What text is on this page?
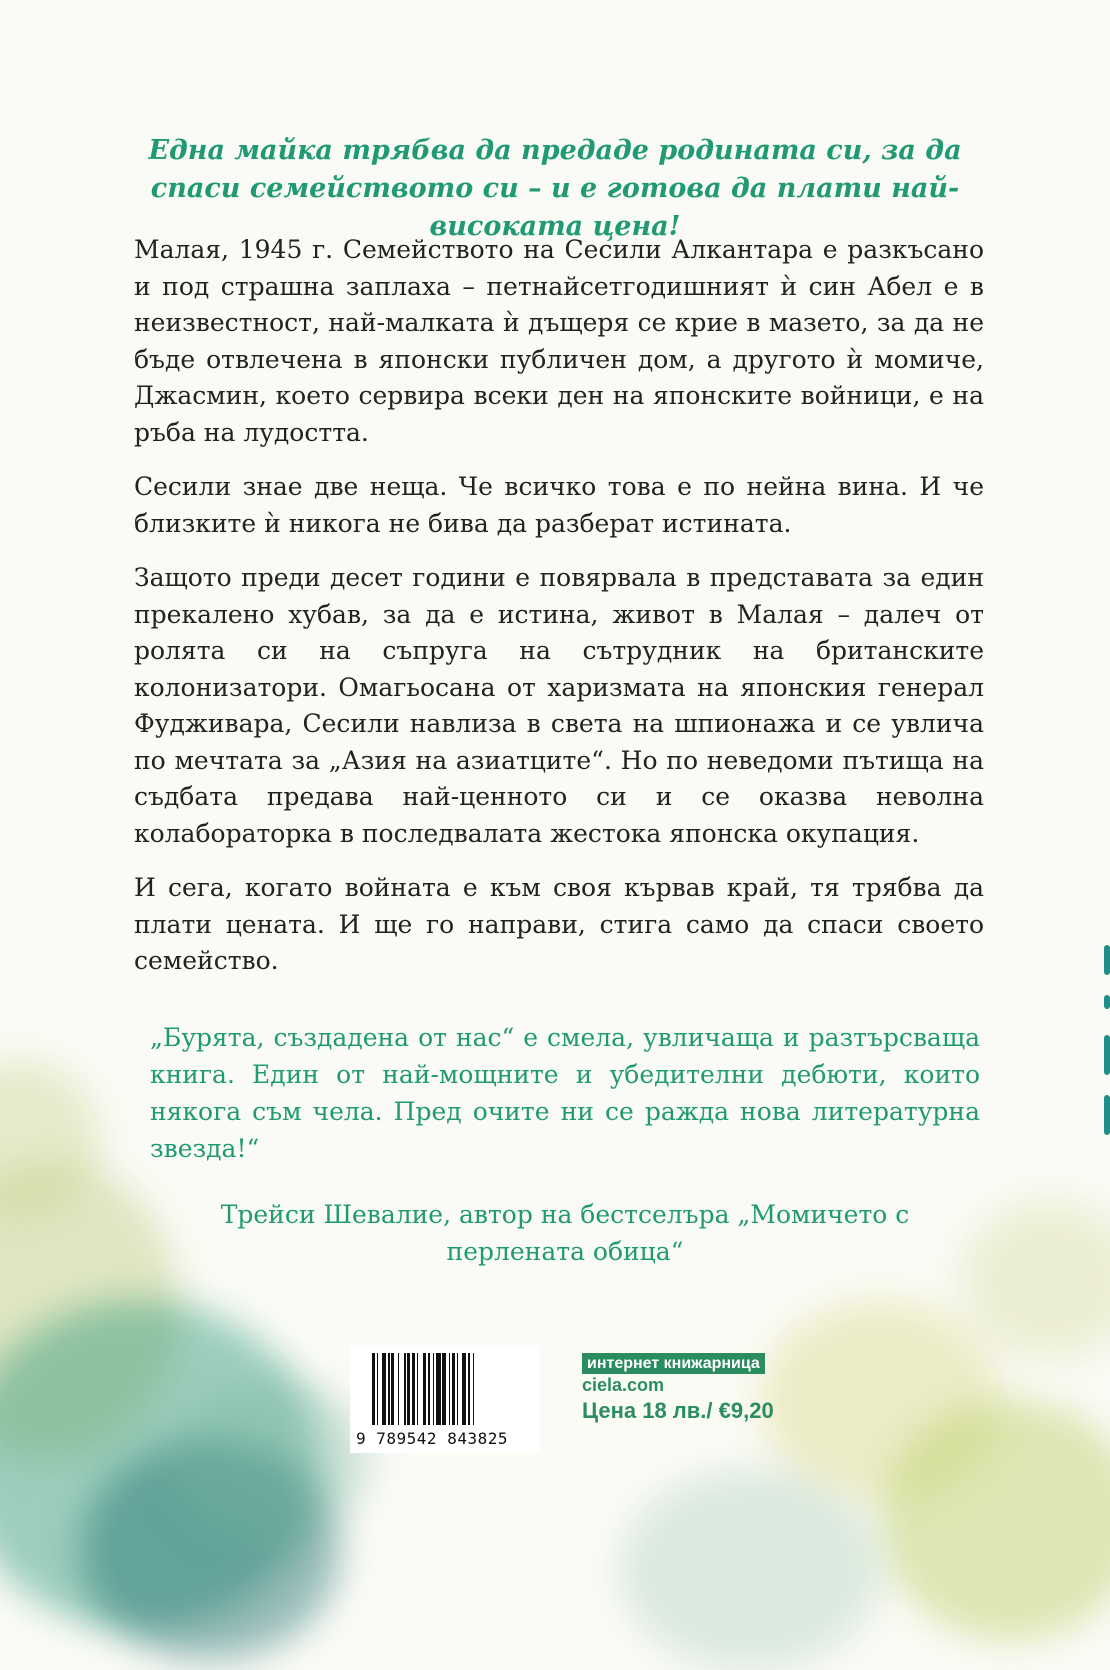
Една майка трябва да предаде родината си, за да спаси семейството си – и е готова да плати най-високата цена!

Малая, 1945 г. Семейството на Сесили Алкантара е разкъсано и под страшна заплаха – петнайсетгодишният ѝ син Абел е в неизвестност, най-малката ѝ дъщеря се крие в мазето, за да не бъде отвлечена в японски публичен дом, а другото ѝ момиче, Джасмин, което сервира всеки ден на японските войници, е на ръба на лудостта.

Сесили знае две неща. Че всичко това е по нейна вина. И че близките ѝ никога не бива да разберат истината.

Защото преди десет години е повярвала в представата за един прекалено хубав, за да е истина, живот в Малая – далеч от ролята си на съпруга на сътрудник на британските колонизатори. Омагьосана от харизмата на японския генерал Фудживара, Сесили навлиза в света на шпионажа и се увлича по мечтата за „Азия на азиатците“. Но по неведоми пътища на съдбата предава най-ценното си и се оказва неволна колабораторка в последвалата жестока японска окупация.

И сега, когато войната е към своя кървав край, тя трябва да плати цената. И ще го направи, стига само да спаси своето семейство.

„Бурята, създадена от нас“ е смела, увличаща и разтърсваща книга. Един от най-мощните и убедителни дебюти, които някога съм чела. Пред очите ни се ражда нова литературна звезда!“

Трейси Шевалие, автор на бестселъра „Момичето с перлената обица“

9 789542 843825
интернет книжарница
ciela.com
Цена 18 лв./ €9,20
